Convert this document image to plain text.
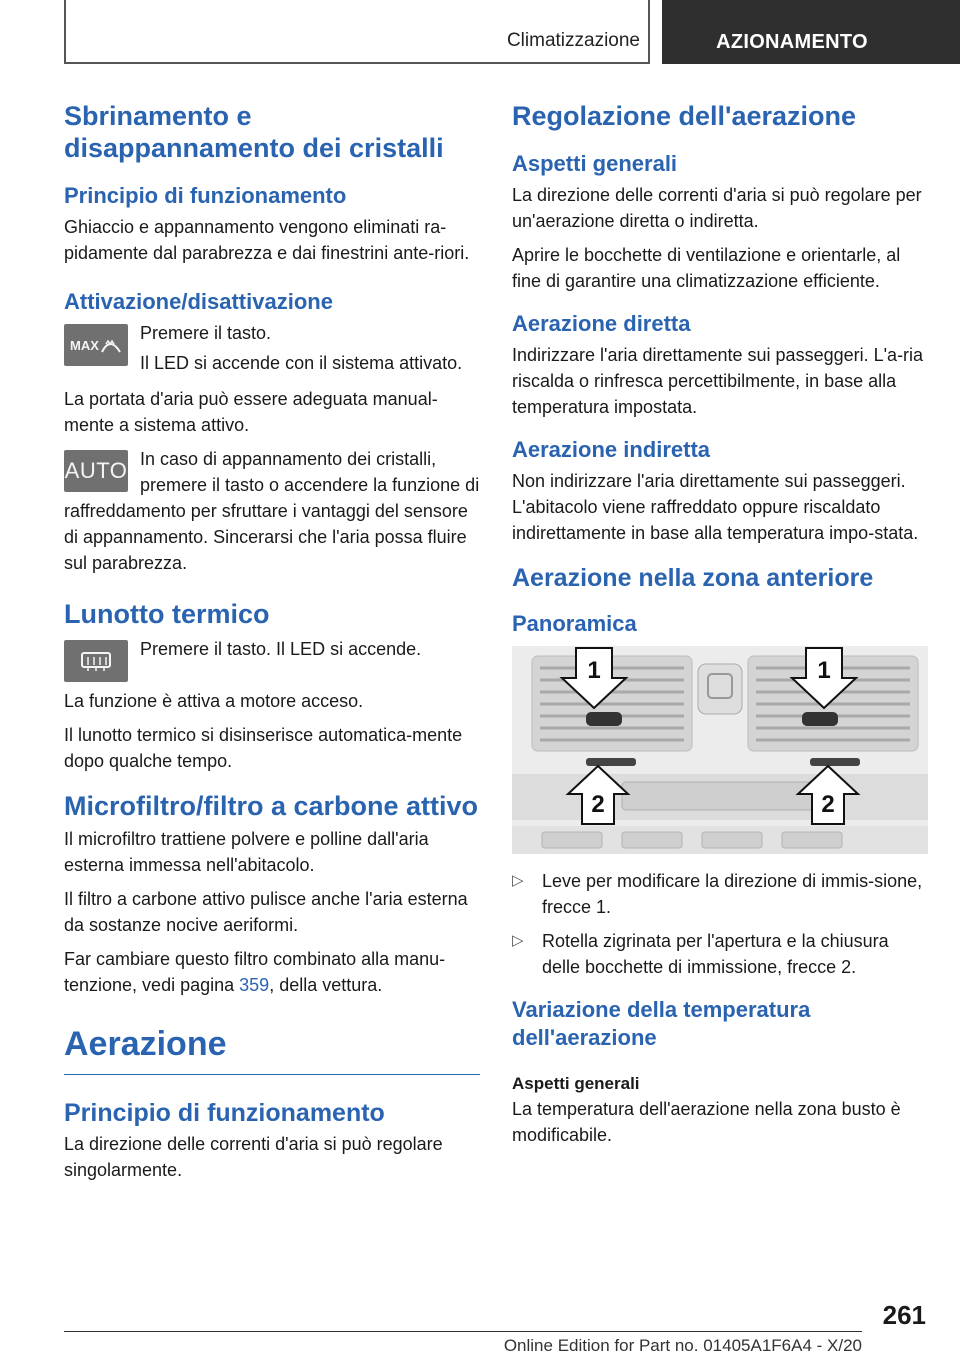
Climatizzazione	AZIONAMENTO
Sbrinamento e disappannamento dei cristalli
Principio di funzionamento

Ghiaccio e appannamento vengono eliminati ra-pidamente dal parabrezza e dai finestrini ante-riori.

Attivazione/disattivazione
MAX

Premere il tasto.

Il LED si accende con il sistema attivato.

La portata d'aria può essere adeguata manual-mente a sistema attivo.

AUTO In caso di appannamento dei cristalli, premere il tasto o accendere la funzione di raffreddamento per sfruttare i vantaggi del sensore di appannamento. Sincerarsi che l'aria possa fluire sul parabrezza.

Lunotto termico

Premere il tasto. Il LED si accende.

La funzione è attiva a motore acceso.

Il lunotto termico si disinserisce automatica-mente dopo qualche tempo.

Microfiltro/filtro a carbone attivo

Il microfiltro trattiene polvere e polline dall'aria esterna immessa nell'abitacolo.

Il filtro a carbone attivo pulisce anche l'aria esterna da sostanze nocive aeriformi.

Far cambiare questo filtro combinato alla manu-tenzione, vedi pagina 359, della vettura.

Aerazione
Principio di funzionamento

La direzione delle correnti d'aria si può regolare singolarmente.

Regolazione dell'aerazione
Aspetti generali

La direzione delle correnti d'aria si può regolare per un'aerazione diretta o indiretta.

Aprire le bocchette di ventilazione e orientarle, al fine di garantire una climatizzazione efficiente.

Aerazione diretta

Indirizzare l'aria direttamente sui passeggeri. L'a-ria riscalda o rinfresca percettibilmente, in base alla temperatura impostata.

Aerazione indiretta

Non indirizzare l'aria direttamente sui passeggeri. L'abitacolo viene raffreddato oppure riscaldato indirettamente in base alla temperatura impo-stata.

Aerazione nella zona anteriore
Panoramica
1	1
2	2
▷ Leve per modificare la direzione di immis-sione, frecce 1.
▷ Rotella zigrinata per l'apertura e la chiusura delle bocchette di immissione, frecce 2.
Variazione della temperatura dell'aerazione
Aspetti generali

La temperatura dell'aerazione nella zona busto è modificabile.

261
Online Edition for Part no. 01405A1F6A4 - X/20
